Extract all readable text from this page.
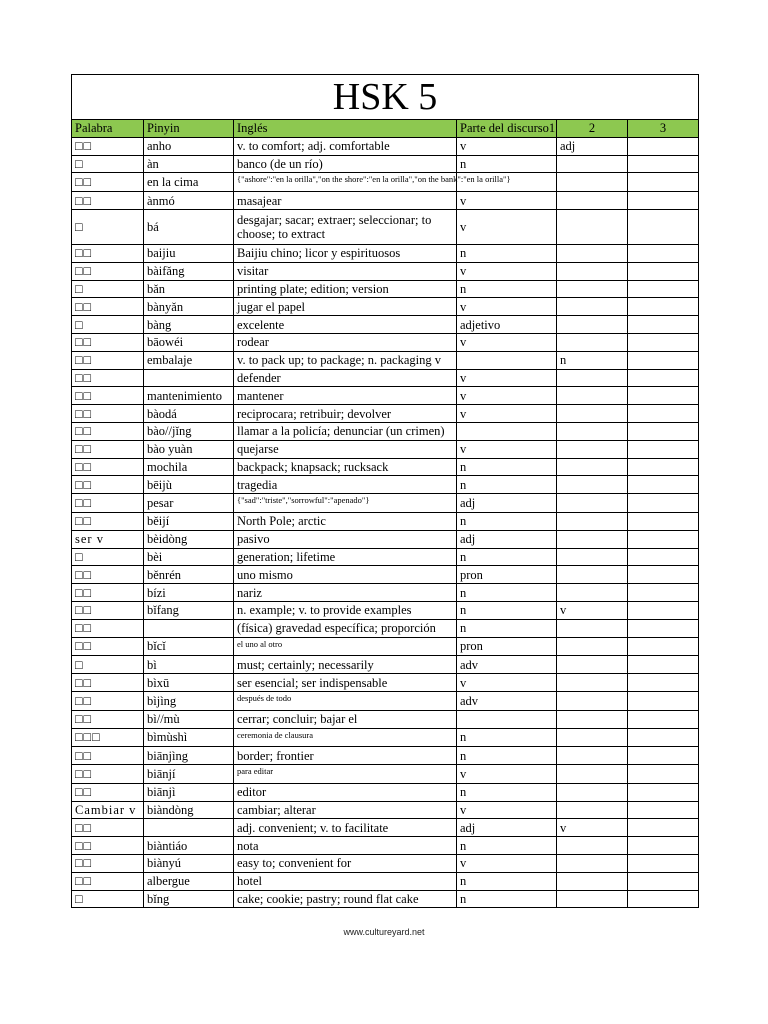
HSK 5					
Palabra	Pinyin	Inglés	Parte del discurso1	2	3
□□	anho	v. to comfort; adj. comfortable	v	adj	
□	àn	banco (de un río)	n		
□□	en la cima	{"ashore":"en la orilla","on the shore":"en la orilla","on the bank":"en la orilla"}			
□□	ànmó	masajear	v		
□	bá	desgajar; sacar; extraer; seleccionar; to choose; to extract	v		
□□	baijiu	Baijiu chino; licor y espirituosos	n		
□□	bàifǎng	visitar	v		
□	bǎn	printing plate; edition; version	n		
□□	bànyǎn	jugar el papel	v		
□	bàng	excelente	adjetivo		
□□	bāowéi	rodear	v		
□□	embalaje	v. to pack up; to package; n. packaging v		n	
□□		defender	v		
□□	mantenimiento	mantener	v		
□□	bàodá	reciprocara; retribuir; devolver	v		
□□	bào//jǐng	llamar a la policía; denunciar (un crimen)			
□□	bào yuàn	quejarse	v		
□□	mochila	backpack; knapsack; rucksack	n		
□□	bēijù	tragedia	n		
□□	pesar	{"sad":"triste","sorrowful":"apenado"}	adj		
□□	běijí	North Pole; arctic	n		
ser v	bèidòng	pasivo	adj		
□	bèi	generation; lifetime	n		
□□	běnrén	uno mismo	pron		
□□	bízi	nariz	n		
□□	bǐfang	n. example; v. to provide examples	n	v	
□□		(física) gravedad específica; proporción	n		
□□	bǐcǐ	el uno al otro	pron		
□	bì	must; certainly; necessarily	adv		
□□	bìxū	ser esencial; ser indispensable	v		
□□	bìjìng	después de todo	adv		
□□	bì//mù	cerrar; concluir; bajar el			
□□□	bìmùshì	ceremonia de clausura	n		
□□	biānjìng	border; frontier	n		
□□	biānjí	para editar	v		
□□	biānjì	editor	n		
Cambiar v	biàndòng	cambiar; alterar	v		
□□		adj. convenient; v. to facilitate	adj	v	
□□	biàntiáo	nota	n		
□□	biànyú	easy to; convenient for	v		
□□	albergue	hotel	n		
□	bǐng	cake; cookie; pastry; round flat cake	n		
www.cultureyard.net
